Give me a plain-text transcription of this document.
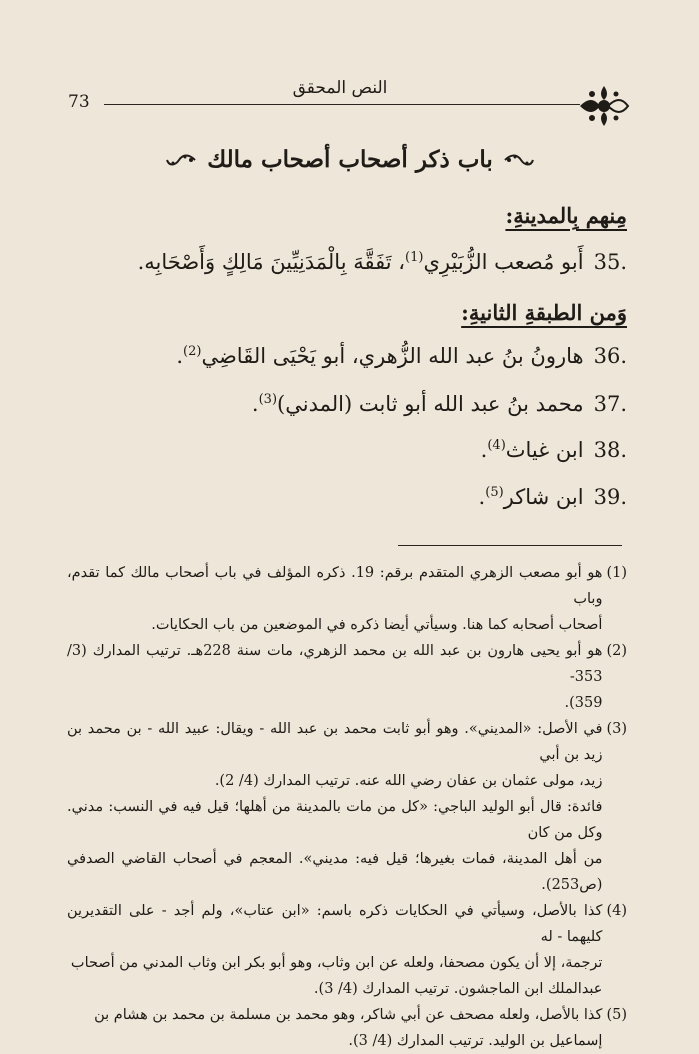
النص المحقق
73
باب ذكر أصحاب أصحاب مالك
مِنهم بِالمدينةِ:
35.
أَبو مُصعب الزُّبَيْرِي$^{(1)}$، تَفَقَّهَ بِالْمَدَنِيِّينَ مَالِكٍ وَأَصْحَابِه.
وَمن الطبقةِ الثانيةِ:
36.
هارونُ بنُ عبد الله الزُّهري، أبو يَحْيَى القَاضِي$^{(2)}$.
37.
محمد بنُ عبد الله أبو ثابت (المدني)$^{(3)}$.
38.
ابن غياث$^{(4)}$.
39.
ابن شاكر$^{(5)}$.
(1)

هو أبو مصعب الزهري المتقدم برقم: 19. ذكره المؤلف في باب أصحاب مالك كما تقدم، وباب

أصحاب أصحابه كما هنا. وسيأتي أيضا ذكره في الموضعين من باب الحكايات.

(2)

هو أبو يحيى هارون بن عبد الله بن محمد الزهري، مات سنة 228هـ. ترتيب المدارك (3/ 353-

359).

(3)

في الأصل: «المديني». وهو أبو ثابت محمد بن عبد الله - ويقال: عبيد الله - بن محمد بن زيد بن أبي

زيد، مولى عثمان بن عفان رضي الله عنه. ترتيب المدارك (4/ 2).

فائدة: قال أبو الوليد الباجي: «كل من مات بالمدينة من أهلها؛ قيل فيه في النسب: مدني. وكل من كان

من أهل المدينة، فمات بغيرها؛ قيل فيه: مديني». المعجم في أصحاب القاضي الصدفي (ص253).

(4)

كذا بالأصل، وسيأتي في الحكايات ذكره باسم: «ابن عتاب»، ولم أجد - على التقديرين كليهما - له

ترجمة، إلا أن يكون مصحفا، ولعله عن ابن وثاب، وهو أبو بكر ابن وثاب المدني من أصحاب

عبدالملك ابن الماجشون. ترتيب المدارك (4/ 3).

(5)

كذا بالأصل، ولعله مصحف عن أبي شاكر، وهو محمد بن مسلمة بن محمد بن هشام بن

إسماعيل بن الوليد. ترتيب المدارك (4/ 3).
